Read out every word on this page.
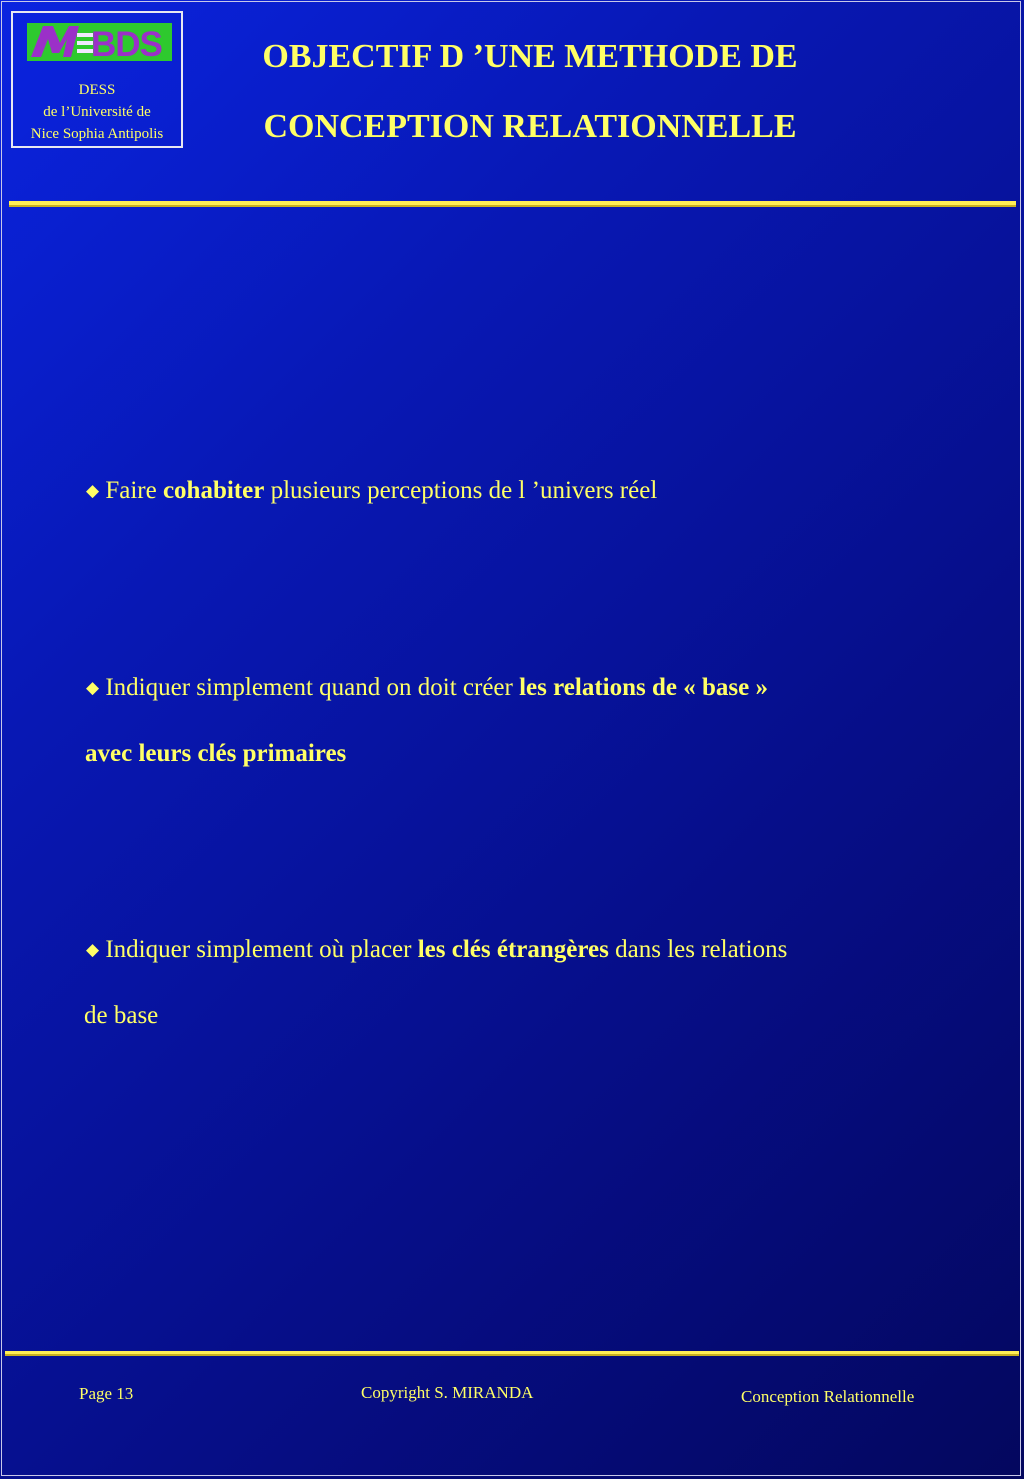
BDS
DESS
de l’Université de
Nice Sophia Antipolis
OBJECTIF D ’UNE METHODE DE
CONCEPTION RELATIONNELLE
◆ Faire cohabiter plusieurs perceptions de l ’univers réel
◆ Indiquer simplement quand on doit créer les relations de « base »
avec leurs clés primaires
◆ Indiquer simplement où placer les clés étrangères dans les relations
de base
Page 13	Copyright S. MIRANDA	Conception Relationnelle
